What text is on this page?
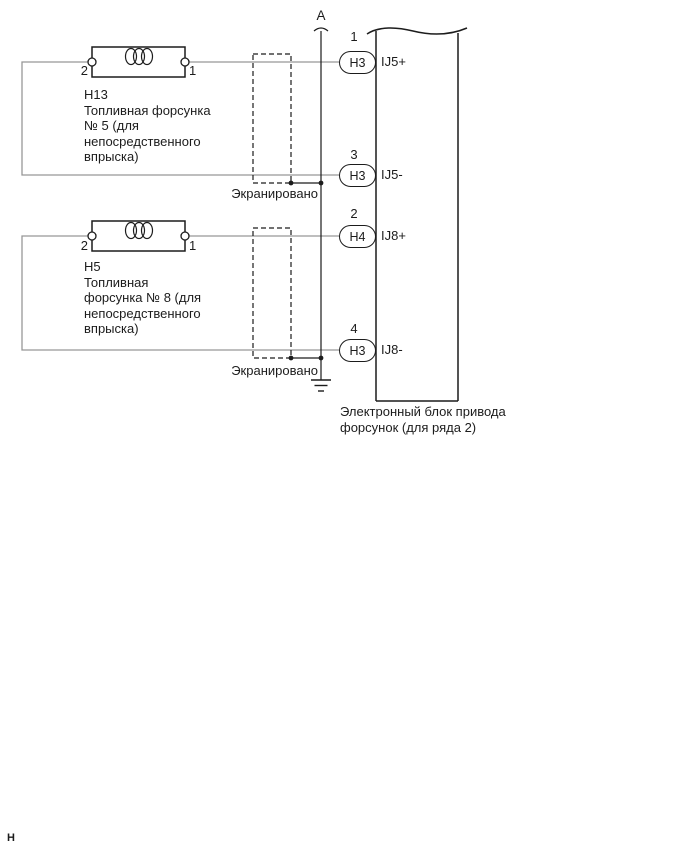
A
2	1
H13
Топливная форсунка
№ 5 (для
непосредственного
впрыска)
2	1
H5
Топливная
форсунка № 8 (для
непосредственного
впрыска)
Экранировано
Экранировано
1
H3	IJ5+
3
H3	IJ5-
2
H4	IJ8+
4
H3	IJ8-
Электронный блок привода
форсунок (для ряда 2)
H
